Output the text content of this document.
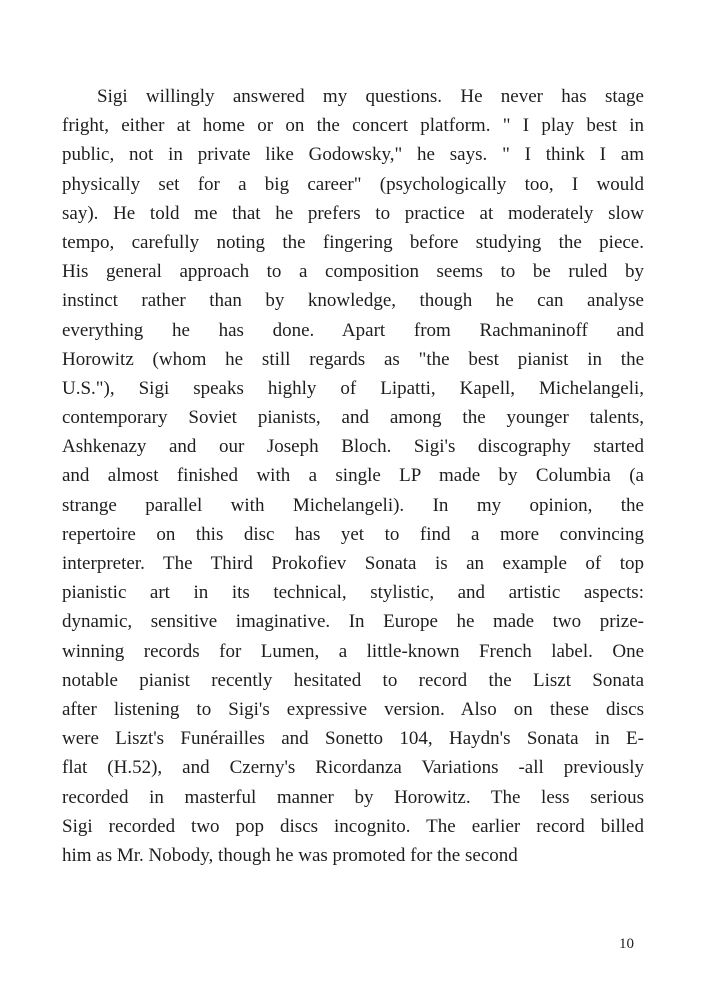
Sigi willingly answered my questions. He never has stage
fright, either at home or on the concert platform. " I play best in
public, not in private like Godowsky," he says. " I think I am
physically set for a big career" (psychologically too, I would
say). He told me that he prefers to practice at moderately slow
tempo, carefully noting the fingering before studying the piece.
His general approach to a composition seems to be ruled by
instinct rather than by knowledge, though he can analyse
everything he has done. Apart from Rachmaninoff and
Horowitz (whom he still regards as "the best pianist in the
U.S."), Sigi speaks highly of Lipatti, Kapell, Michelangeli,
contemporary Soviet pianists, and among the younger talents,
Ashkenazy and our Joseph Bloch. Sigi's discography started
and almost finished with a single LP made by Columbia (a
strange parallel with Michelangeli). In my opinion, the
repertoire on this disc has yet to find a more convincing
interpreter. The Third Prokofiev Sonata is an example of top
pianistic art in its technical, stylistic, and artistic aspects:
dynamic, sensitive imaginative. In Europe he made two prize-
winning records for Lumen, a little-known French label. One
notable pianist recently hesitated to record the Liszt Sonata
after listening to Sigi's expressive version. Also on these discs
were Liszt's Funérailles and Sonetto 104, Haydn's Sonata in E-
flat (H.52), and Czerny's Ricordanza Variations -all previously
recorded in masterful manner by Horowitz. The less serious
Sigi recorded two pop discs incognito. The earlier record billed
him as Mr. Nobody, though he was promoted for the second
10
